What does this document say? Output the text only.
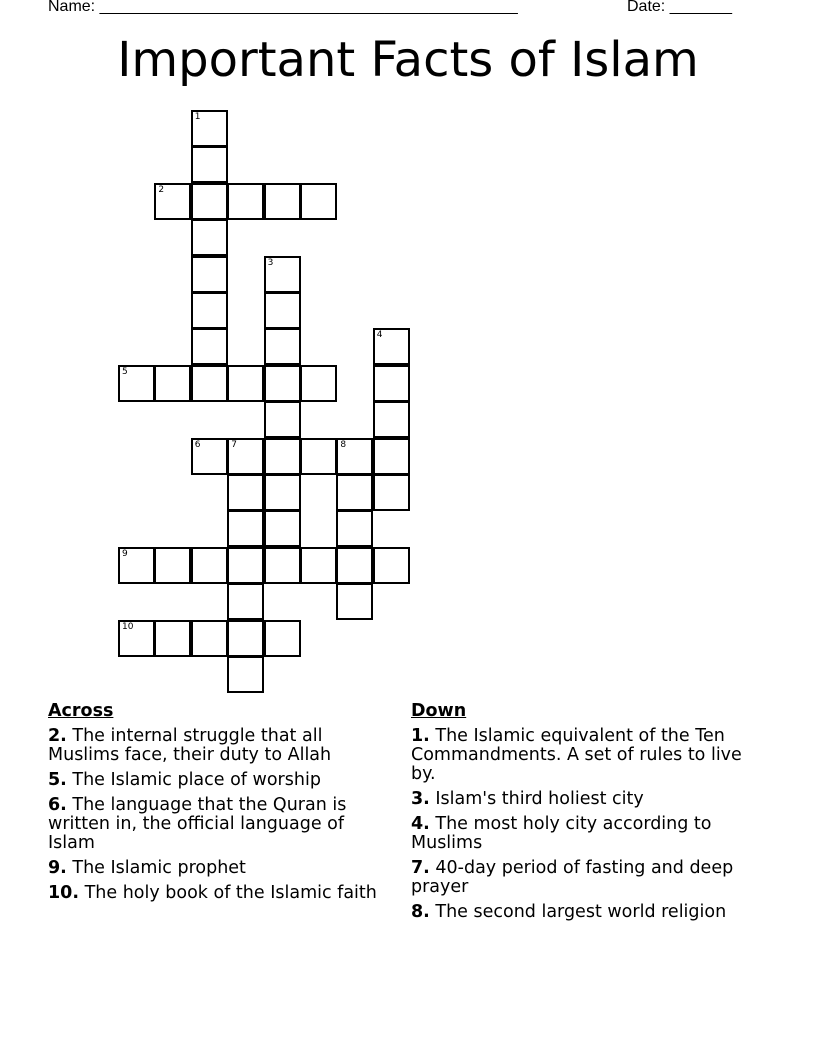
Name: _______________________________________________	Date: _______
Important Facts of Islam
1
2
3
4
5
6	7	8
9
10
Across
2. The internal struggle that all Muslims face, their duty to Allah
5. The Islamic place of worship
6. The language that the Quran is written in, the official language of Islam
9. The Islamic prophet
10. The holy book of the Islamic faith
Down
1. The Islamic equivalent of the Ten Commandments. A set of rules to live by.
3. Islam's third holiest city
4. The most holy city according to Muslims
7. 40-day period of fasting and deep prayer
8. The second largest world religion
